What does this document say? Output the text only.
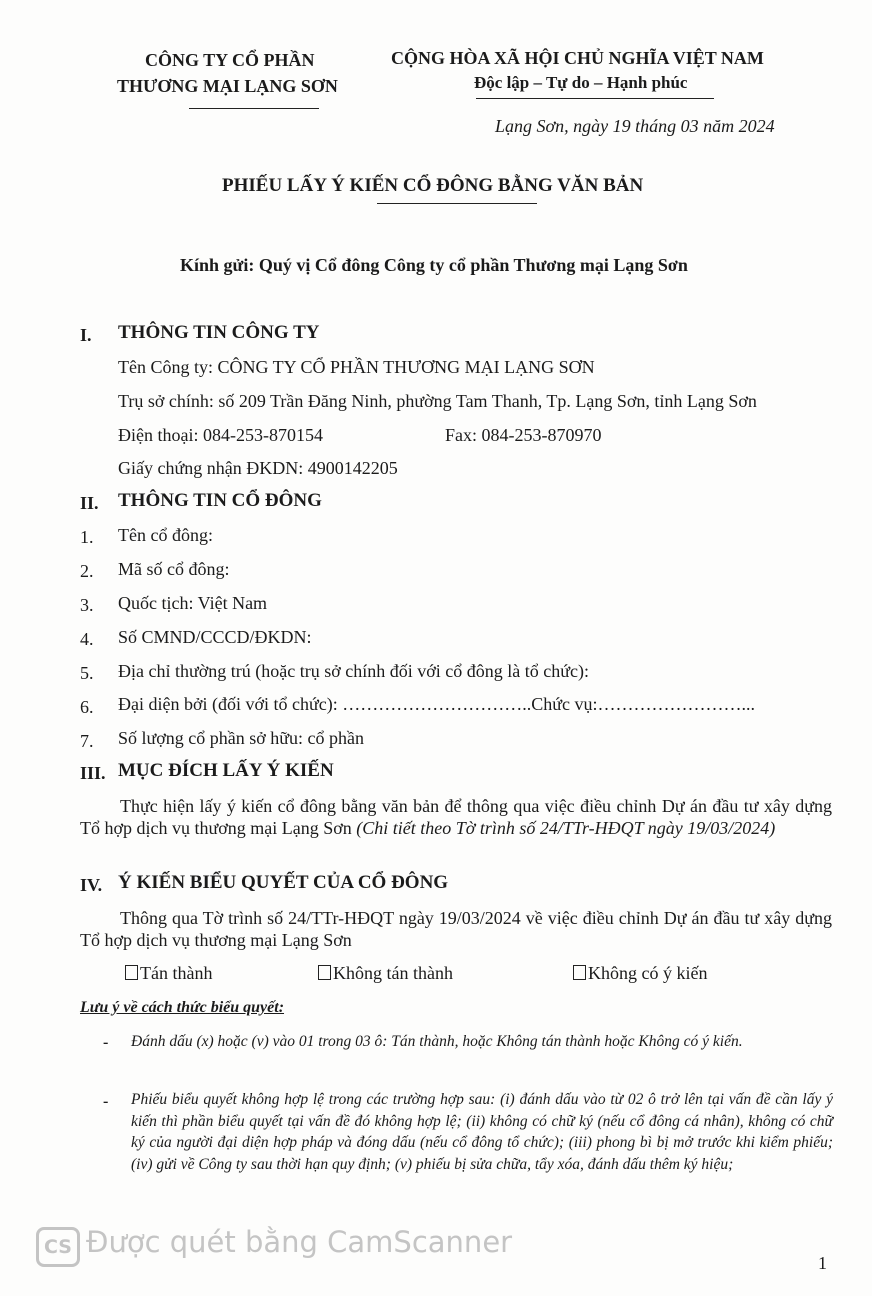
CÔNG TY CỔ PHẦN
THƯƠNG MẠI LẠNG SƠN
CỘNG HÒA XÃ HỘI CHỦ NGHĨA VIỆT NAM
Độc lập – Tự do – Hạnh phúc
Lạng Sơn, ngày 19 tháng 03 năm 2024
PHIẾU LẤY Ý KIẾN CỔ ĐÔNG BẰNG VĂN BẢN
Kính gửi: Quý vị Cổ đông Công ty cổ phần Thương mại Lạng Sơn
I. THÔNG TIN CÔNG TY
Tên Công ty: CÔNG TY CỔ PHẦN THƯƠNG MẠI LẠNG SƠN
Trụ sở chính: số 209 Trần Đăng Ninh, phường Tam Thanh, Tp. Lạng Sơn, tỉnh Lạng Sơn
Điện thoại: 084-253-870154	Fax: 084-253-870970
Giấy chứng nhận ĐKDN: 4900142205
II. THÔNG TIN CỔ ĐÔNG
1. Tên cổ đông:
2. Mã số cổ đông:
3. Quốc tịch: Việt Nam
4. Số CMND/CCCD/ĐKDN:
5. Địa chỉ thường trú (hoặc trụ sở chính đối với cổ đông là tổ chức):
6. Đại diện bởi (đối với tổ chức): …………………………..Chức vụ:……………………...
7. Số lượng cổ phần sở hữu: cổ phần
III. MỤC ĐÍCH LẤY Ý KIẾN
Thực hiện lấy ý kiến cổ đông bằng văn bản để thông qua việc điều chỉnh Dự án đầu tư xây dựng Tổ hợp dịch vụ thương mại Lạng Sơn (Chi tiết theo Tờ trình số 24/TTr-HĐQT ngày 19/03/2024)
IV. Ý KIẾN BIỂU QUYẾT CỦA CỔ ĐÔNG
Thông qua Tờ trình số 24/TTr-HĐQT ngày 19/03/2024 về việc điều chỉnh Dự án đầu tư xây dựng Tổ hợp dịch vụ thương mại Lạng Sơn
Tán thành	Không tán thành	Không có ý kiến
Lưu ý về cách thức biểu quyết:
- Đánh dấu (x) hoặc (v) vào 01 trong 03 ô: Tán thành, hoặc Không tán thành hoặc Không có ý kiến.
- Phiếu biểu quyết không hợp lệ trong các trường hợp sau: (i) đánh dấu vào từ 02 ô trở lên tại vấn đề cần lấy ý kiến thì phần biểu quyết tại vấn đề đó không hợp lệ; (ii) không có chữ ký (nếu cổ đông cá nhân), không có chữ ký của người đại diện hợp pháp và đóng dấu (nếu cổ đông tổ chức); (iii) phong bì bị mở trước khi kiểm phiếu; (iv) gửi về Công ty sau thời hạn quy định; (v) phiếu bị sửa chữa, tẩy xóa, đánh dấu thêm ký hiệu;
CS Được quét bằng CamScanner
1
